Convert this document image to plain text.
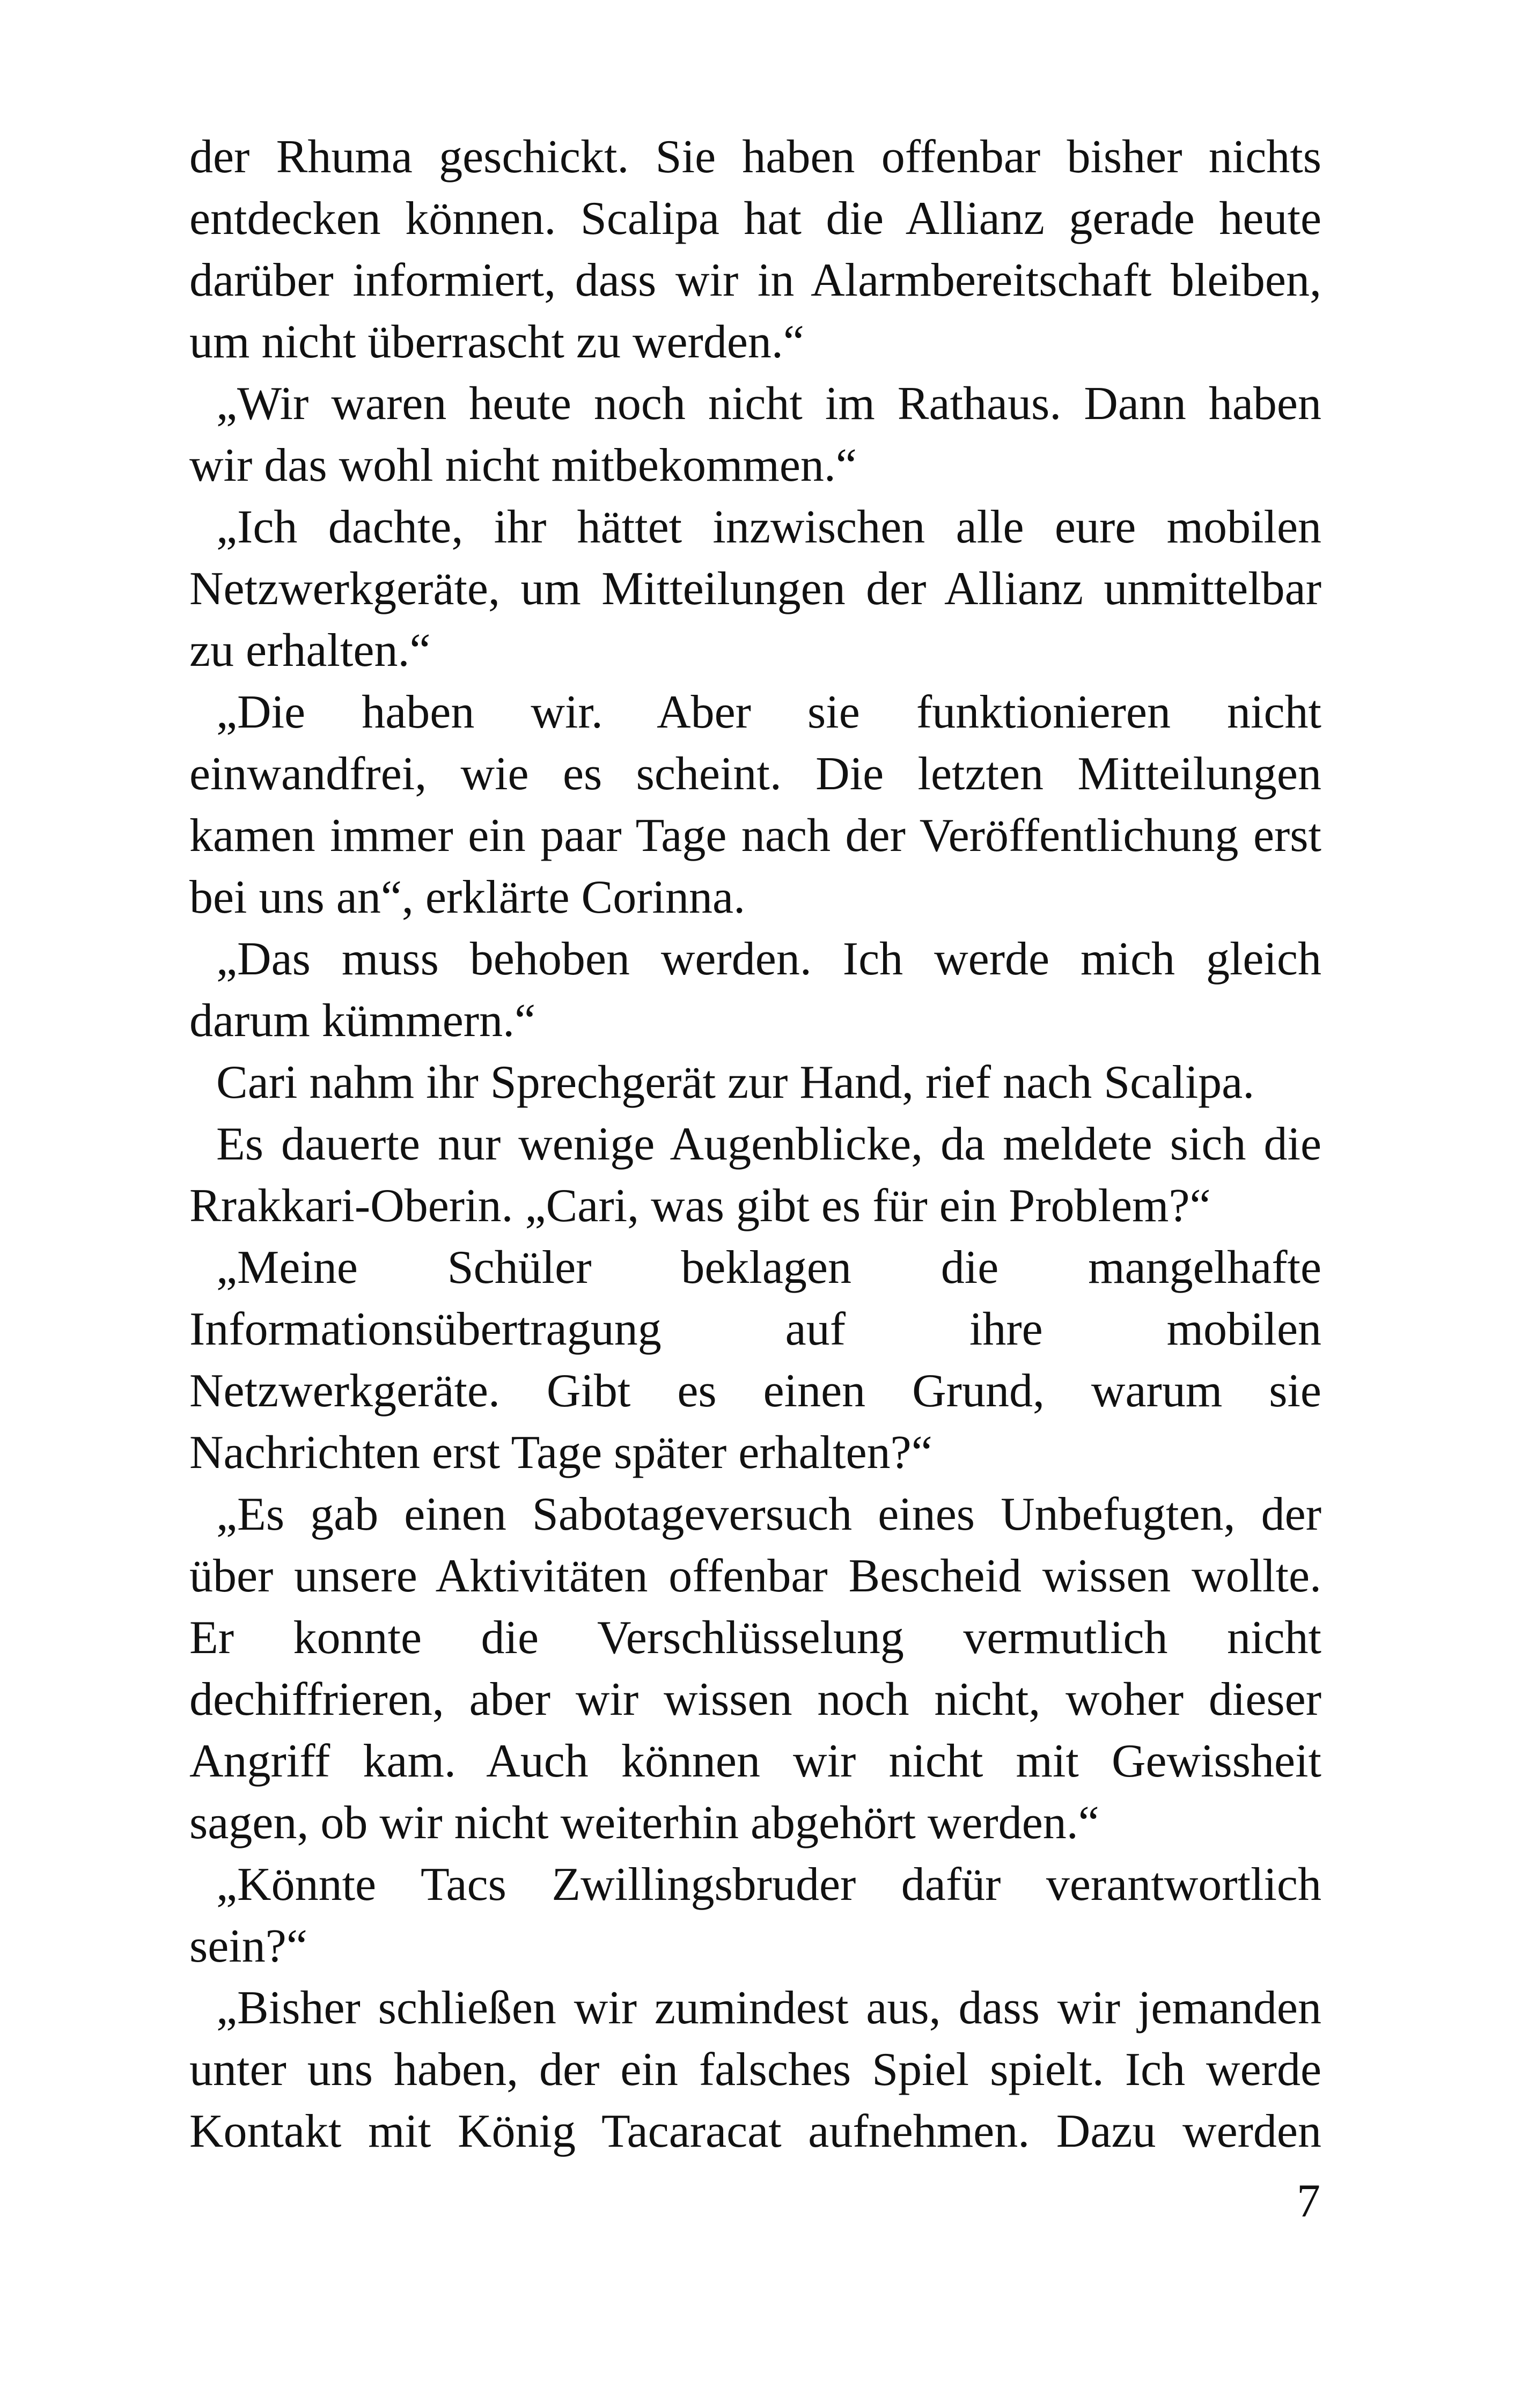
der Rhuma geschickt. Sie haben offenbar bisher nichts
entdecken können. Scalipa hat die Allianz gerade heute
darüber informiert, dass wir in Alarmbereitschaft bleiben,
um nicht überrascht zu werden.“
„Wir waren heute noch nicht im Rathaus. Dann haben
wir das wohl nicht mitbekommen.“
„Ich dachte, ihr hättet inzwischen alle eure mobilen
Netzwerkgeräte, um Mitteilungen der Allianz unmittelbar
zu erhalten.“
„Die haben wir. Aber sie funktionieren nicht
einwandfrei, wie es scheint. Die letzten Mitteilungen
kamen immer ein paar Tage nach der Veröffentlichung erst
bei uns an“, erklärte Corinna.
„Das muss behoben werden. Ich werde mich gleich
darum kümmern.“
Cari nahm ihr Sprechgerät zur Hand, rief nach Scalipa.
Es dauerte nur wenige Augenblicke, da meldete sich die
Rrakkari-Oberin. „Cari, was gibt es für ein Problem?“
„Meine Schüler beklagen die mangelhafte
Informationsübertragung auf ihre mobilen
Netzwerkgeräte. Gibt es einen Grund, warum sie
Nachrichten erst Tage später erhalten?“
„Es gab einen Sabotageversuch eines Unbefugten, der
über unsere Aktivitäten offenbar Bescheid wissen wollte.
Er konnte die Verschlüsselung vermutlich nicht
dechiffrieren, aber wir wissen noch nicht, woher dieser
Angriff kam. Auch können wir nicht mit Gewissheit
sagen, ob wir nicht weiterhin abgehört werden.“
„Könnte Tacs Zwillingsbruder dafür verantwortlich
sein?“
„Bisher schließen wir zumindest aus, dass wir jemanden
unter uns haben, der ein falsches Spiel spielt. Ich werde
Kontakt mit König Tacaracat aufnehmen. Dazu werden
7
